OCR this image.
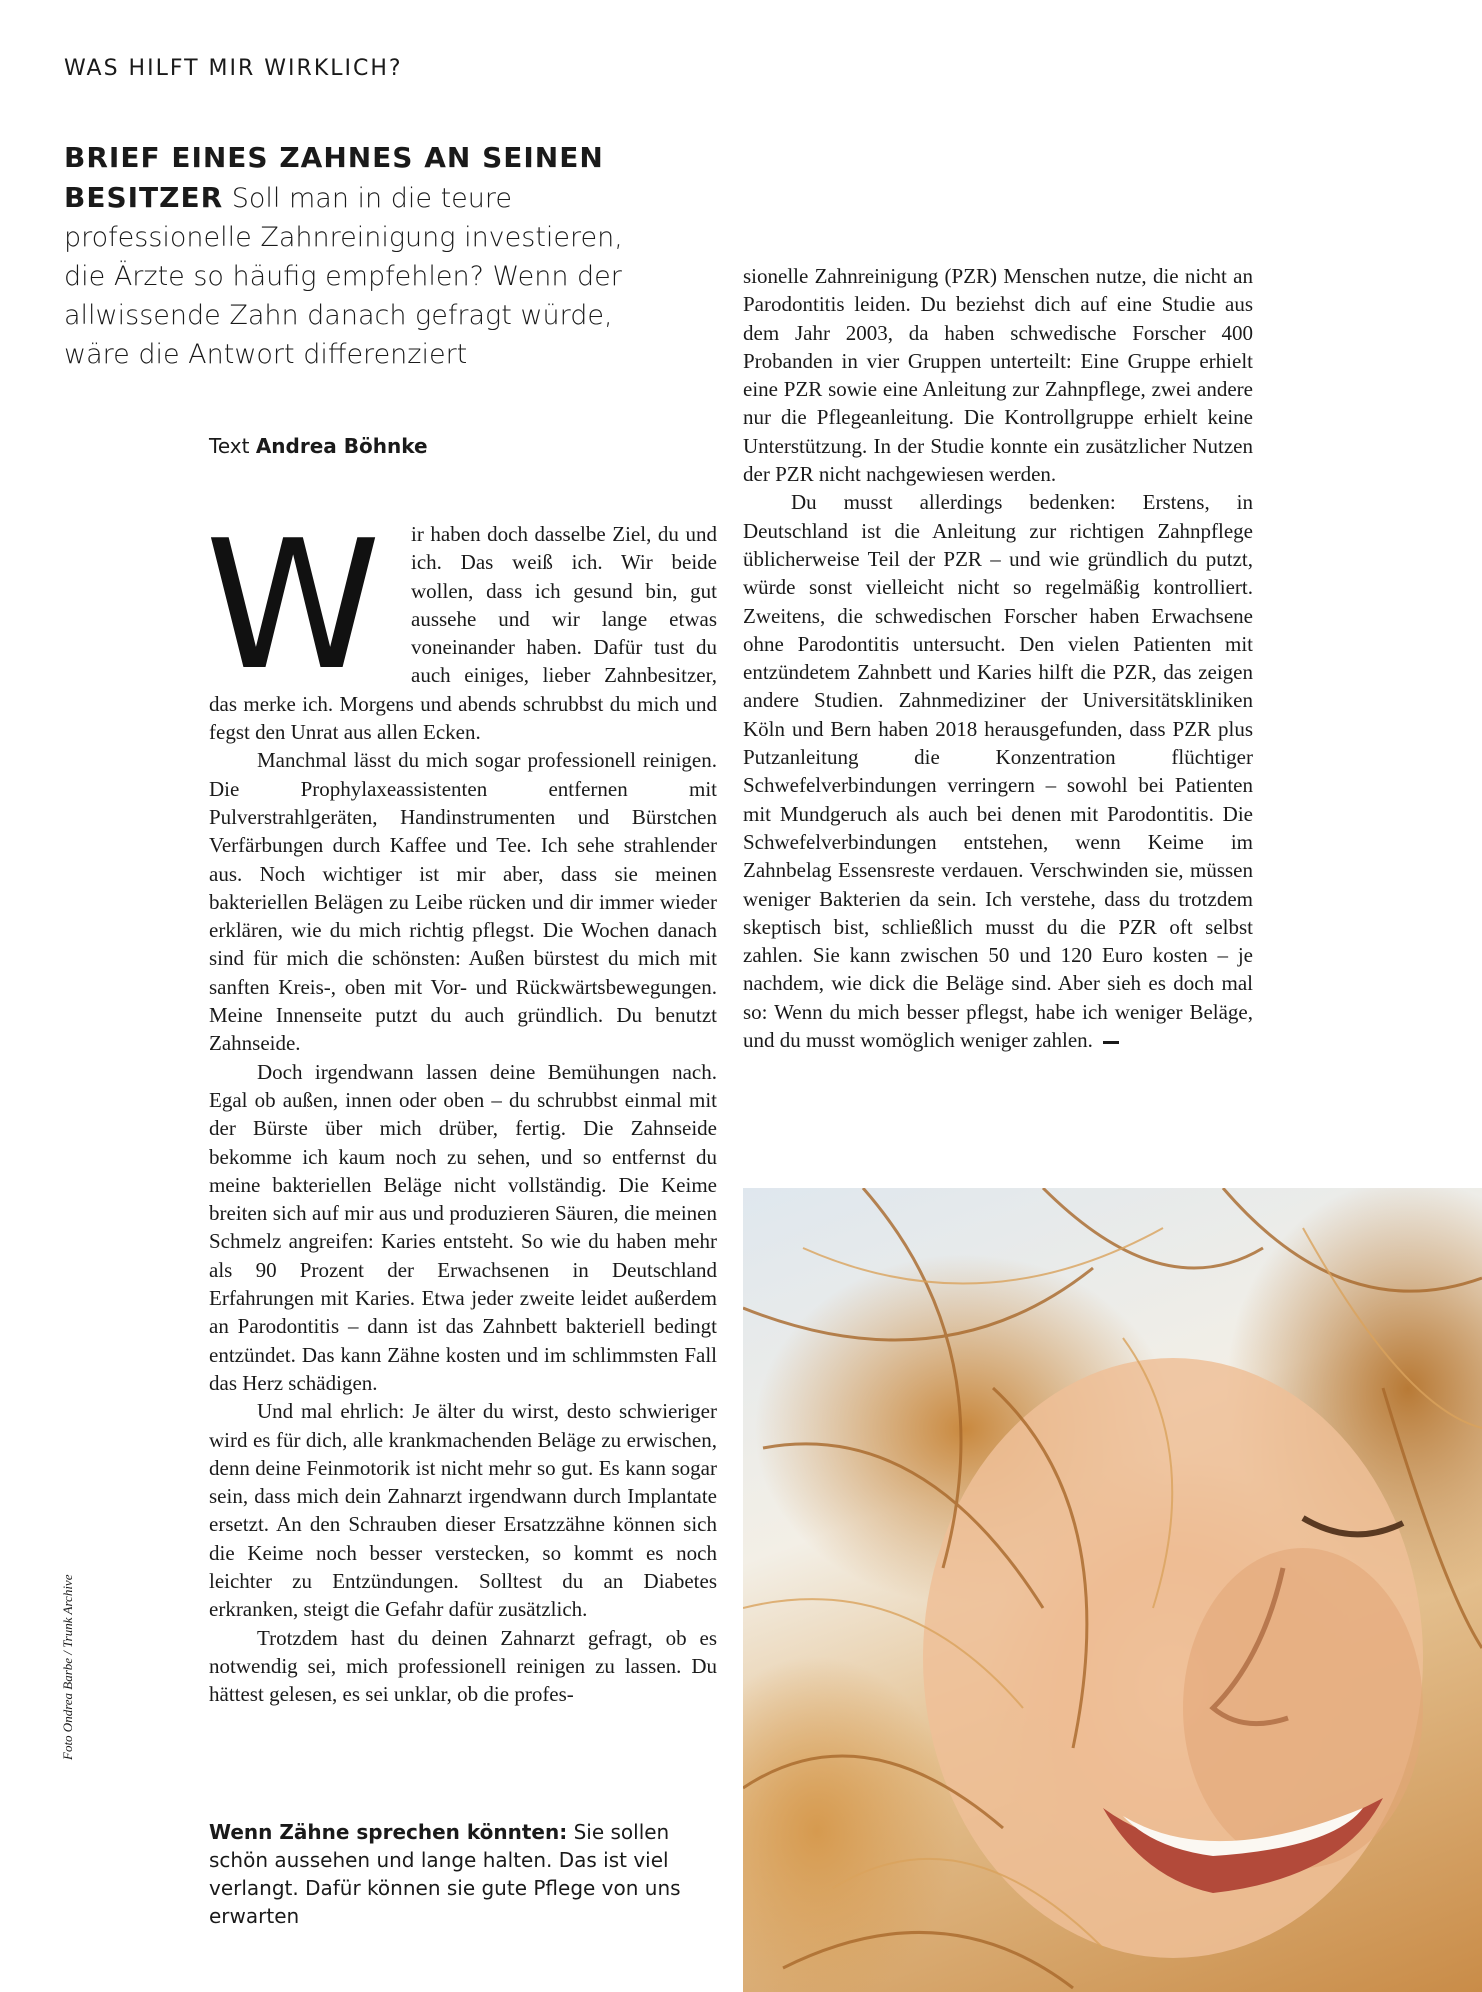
WAS HILFT MIR WIRKLICH?
BRIEF EINES ZAHNES AN SEINEN BESITZER Soll man in die teure professionelle Zahnreinigung investieren, die Ärzte so häufig empfehlen? Wenn der allwissende Zahn danach gefragt würde, wäre die Antwort differenziert
Text Andrea Böhnke

W ir haben doch dasselbe Ziel, du und ich. Das weiß ich. Wir beide wollen, dass ich gesund bin, gut aussehe und wir lange etwas voneinander haben. Dafür tust du auch einiges, lieber Zahnbesitzer, das merke ich. Morgens und abends schrubbst du mich und fegst den Unrat aus allen Ecken.

Manchmal lässt du mich sogar professionell reinigen. Die Prophylaxeassistenten entfernen mit Pulverstrahlgeräten, Handinstrumenten und Bürstchen Verfärbungen durch Kaffee und Tee. Ich sehe strahlender aus. Noch wichtiger ist mir aber, dass sie meinen bakteriellen Belägen zu Leibe rücken und dir immer wieder erklären, wie du mich richtig pflegst. Die Wochen danach sind für mich die schönsten: Außen bürstest du mich mit sanften Kreis-, oben mit Vor- und Rückwärtsbewegungen. Meine Innenseite putzt du auch gründlich. Du benutzt Zahnseide.

Doch irgendwann lassen deine Bemühungen nach. Egal ob außen, innen oder oben – du schrubbst einmal mit der Bürste über mich drüber, fertig. Die Zahnseide bekomme ich kaum noch zu sehen, und so entfernst du meine bakteriellen Beläge nicht vollständig. Die Keime breiten sich auf mir aus und produzieren Säuren, die meinen Schmelz angreifen: Karies entsteht. So wie du haben mehr als 90 Prozent der Erwachsenen in Deutschland Erfahrungen mit Karies. Etwa jeder zweite leidet außerdem an Parodontitis – dann ist das Zahnbett bakteriell bedingt entzündet. Das kann Zähne kosten und im schlimmsten Fall das Herz schädigen.

Und mal ehrlich: Je älter du wirst, desto schwieriger wird es für dich, alle krankmachenden Beläge zu erwischen, denn deine Feinmotorik ist nicht mehr so gut. Es kann sogar sein, dass mich dein Zahnarzt irgendwann durch Implantate ersetzt. An den Schrauben dieser Ersatzzähne können sich die Keime noch besser verstecken, so kommt es noch leichter zu Entzündungen. Solltest du an Diabetes erkranken, steigt die Gefahr dafür zusätzlich.

Trotzdem hast du deinen Zahnarzt gefragt, ob es notwendig sei, mich professionell reinigen zu lassen. Du hättest gelesen, es sei unklar, ob die profes-

sionelle Zahnreinigung (PZR) Menschen nutze, die nicht an Parodontitis leiden. Du beziehst dich auf eine Studie aus dem Jahr 2003, da haben schwedische Forscher 400 Probanden in vier Gruppen unterteilt: Eine Gruppe erhielt eine PZR sowie eine Anleitung zur Zahnpflege, zwei andere nur die Pflegeanleitung. Die Kontrollgruppe erhielt keine Unterstützung. In der Studie konnte ein zusätzlicher Nutzen der PZR nicht nachgewiesen werden.

Du musst allerdings bedenken: Erstens, in Deutschland ist die Anleitung zur richtigen Zahnpflege üblicherweise Teil der PZR – und wie gründlich du putzt, würde sonst vielleicht nicht so regelmäßig kontrolliert. Zweitens, die schwedischen Forscher haben Erwachsene ohne Parodontitis untersucht. Den vielen Patienten mit entzündetem Zahnbett und Karies hilft die PZR, das zeigen andere Studien. Zahnmediziner der Universitätskliniken Köln und Bern haben 2018 herausgefunden, dass PZR plus Putzanleitung die Konzentration flüchtiger Schwefelverbindungen verringern – sowohl bei Patienten mit Mundgeruch als auch bei denen mit Parodontitis. Die Schwefelverbindungen entstehen, wenn Keime im Zahnbelag Essensreste verdauen. Verschwinden sie, müssen weniger Bakterien da sein. Ich verstehe, dass du trotzdem skeptisch bist, schließlich musst du die PZR oft selbst zahlen. Sie kann zwischen 50 und 120 Euro kosten – je nachdem, wie dick die Beläge sind. Aber sieh es doch mal so: Wenn du mich besser pflegst, habe ich weniger Beläge, und du musst womöglich weniger zahlen.

Wenn Zähne sprechen könnten: Sie sollen schön aussehen und lange halten. Das ist viel verlangt. Dafür können sie gute Pflege von uns erwarten
Foto Ondrea Barbe / Trunk Archive
